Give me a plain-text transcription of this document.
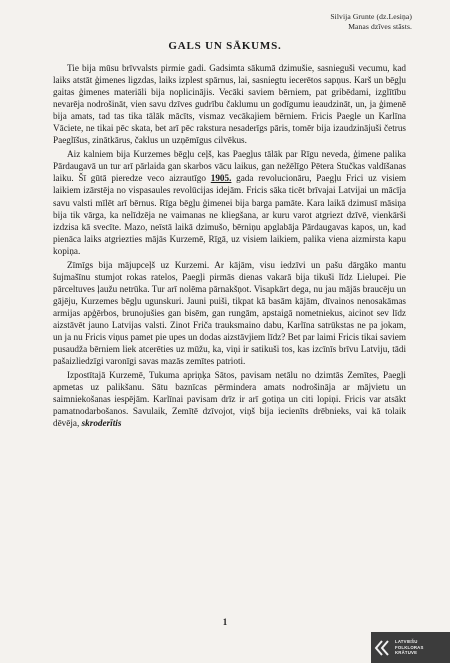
Silvija Grunte (dz.Lesiņa)
Manas dzīves stāsts.
GALS UN SĀKUMS.

Tie bija mūsu brīvvalsts pirmie gadi. Gadsimta sākumā dzimušie, sasnieguši vecumu, kad laiks atstāt ģimenes ligzdas, laiks izplest spārnus, lai, sasniegtu iecerētos sapņus. Karš un bēgļu gaitas ģimenes materiāli bija noplicinājis. Vecāki saviem bērniem, pat gribēdami, izglītību nevarēja nodrošināt, vien savu dzīves gudrību čaklumu un godīgumu ieaudzināt, un, ja ģimenē bija amats, tad tas tika tālāk mācīts, vismaz vecākajiem bērniem. Fricis Paegle un Karlīna Vāciete, ne tikai pēc skata, bet arī pēc rakstura nesaderīgs pāris, tomēr bija izaudzinājuši četrus Paeglīšus, zinātkārus, čaklus un uzņēmīgus cilvēkus.

Aiz kalniem bija Kurzemes bēgļu ceļš, kas Paegļus tālāk par Rīgu neveda, ģimene palika Pārdaugavā un tur arī pārlaida gan skarbos vācu laikus, gan nežēlīgo Pētera Stučkas valdīšanas laiku. Šī gūtā pieredze veco aizrautīgo 1905. gada revolucionāru, Paegļu Frici uz visiem laikiem izārstēja no vispasaules revolūcijas idejām. Fricis sāka ticēt brīvajai Latvijai un mācīja savu valsti mīlēt arī bērnus. Rīga bēgļu ģimenei bija barga pamāte. Kara laikā dzimusī māsiņa bija tik vārga, ka nelīdzēja ne vaimanas ne kliegšana, ar kuru varot atgriezt dzīvē, vienkārši izdzisa kā svecīte. Mazo, neīstā laikā dzimušo, bērniņu apglabāja Pārdaugavas kapos, un, kad pienāca laiks atgriezties mājās Kurzemē, Rīgā, uz visiem laikiem, palika viena aizmirsta kapu kopiņa.

Zīmīgs bija mājupceļš uz Kurzemi. Ar kājām, visu iedzīvi un pašu dārgāko mantu šujmašīnu stumjot rokas ratelos, Paegļi pirmās dienas vakarā bija tikuši līdz Lielupei. Pie pārceltuves ļaužu netrūka. Tur arī nolēma pārnakšņot. Visapkārt dega, nu jau mājās braucēju un gājēju, Kurzemes bēgļu ugunskuri. Jauni puiši, tikpat kā basām kājām, dīvainos nenosakāmas armijas apģērbos, brunojušies gan bisēm, gan rungām, apstaigā nometniekus, aicinot sev līdz aizstāvēt jauno Latvijas valsti. Zinot Friča trauksmaino dabu, Karlīna satrūkstas ne pa jokam, un ja nu Fricis viņus pamet pie upes un dodas aizstāvjiem līdz? Bet par laimi Fricis tikai saviem pusaudža bērniem liek atcerēties uz mūžu, ka, viņi ir satikuši tos, kas izcīnīs brīvu Latviju, tādi pašaizliedzīgi varonīgi savas mazās zemītes patrioti.

Izpostītajā Kurzemē, Tukuma apriņķa Sātos, pavisam netālu no dzimtās Zemītes, Paegļi apmetas uz palikšanu. Sātu baznīcas pērmindera amats nodrošināja ar mājvietu un saimniekošanas iespējām. Karlīnai pavisam drīz ir arī gotiņa un citi lopiņi. Fricis var atsākt pamatnodarbošanos. Savulaik, Zemītē dzīvojot, viņš bija iecienīts drēbnieks, vai kā tolaik dēvēja, skroderītis

1
LATVIEŠU
FOLKLORAS
KRĀTUVE
